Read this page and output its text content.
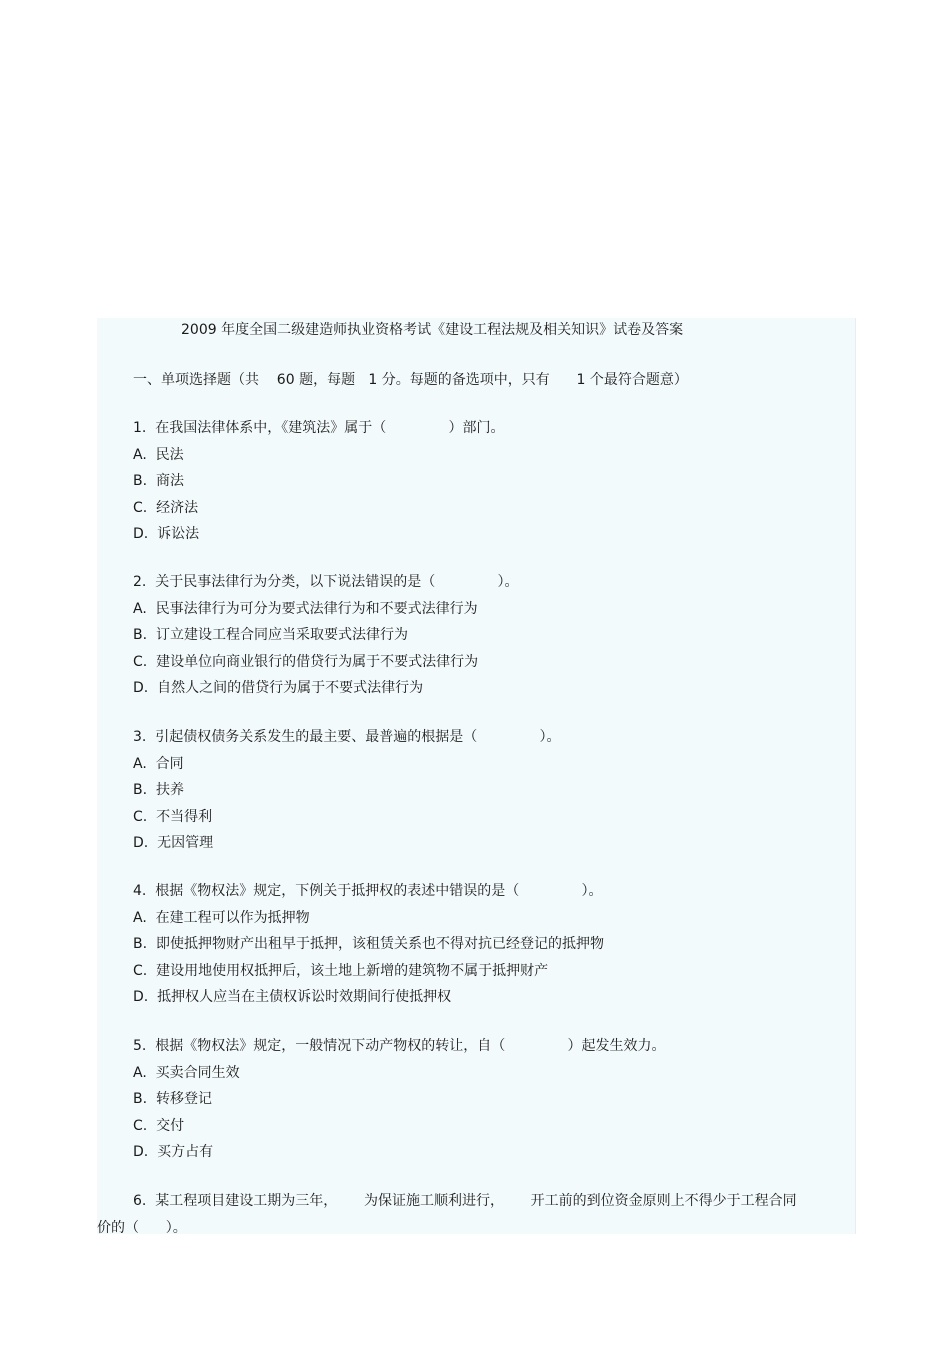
2009 年度全国二级建造师执业资格考试《建设工程法规及相关知识》试卷及答案
一、单项选择题（共    60 题，每题   1 分。每题的备选项中，只有      1 个最符合题意）
1.  在我国法律体系中，《建筑法》属于（              ）部门。
A.  民法
B.  商法
C.  经济法
D.  诉讼法
2.  关于民事法律行为分类，以下说法错误的是（              ）。
A.  民事法律行为可分为要式法律行为和不要式法律行为
B.  订立建设工程合同应当采取要式法律行为
C.  建设单位向商业银行的借贷行为属于不要式法律行为
D.  自然人之间的借贷行为属于不要式法律行为
3.  引起债权债务关系发生的最主要、最普遍的根据是（              ）。
A.  合同
B.  扶养
C.  不当得利
D.  无因管理
4.  根据《物权法》规定，下例关于抵押权的表述中错误的是（              ）。
A.  在建工程可以作为抵押物
B.  即使抵押物财产出租早于抵押，该租赁关系也不得对抗已经登记的抵押物
C.  建设用地使用权抵押后，该土地上新增的建筑物不属于抵押财产
D.  抵押权人应当在主债权诉讼时效期间行使抵押权
5.  根据《物权法》规定，一般情况下动产物权的转让，自（              ）起发生效力。
A.  买卖合同生效
B.  转移登记
C.  交付
D.  买方占有
6.  某工程项目建设工期为三年，      为保证施工顺利进行，      开工前的到位资金原则上不得少于工程合同
价的（      ）。
